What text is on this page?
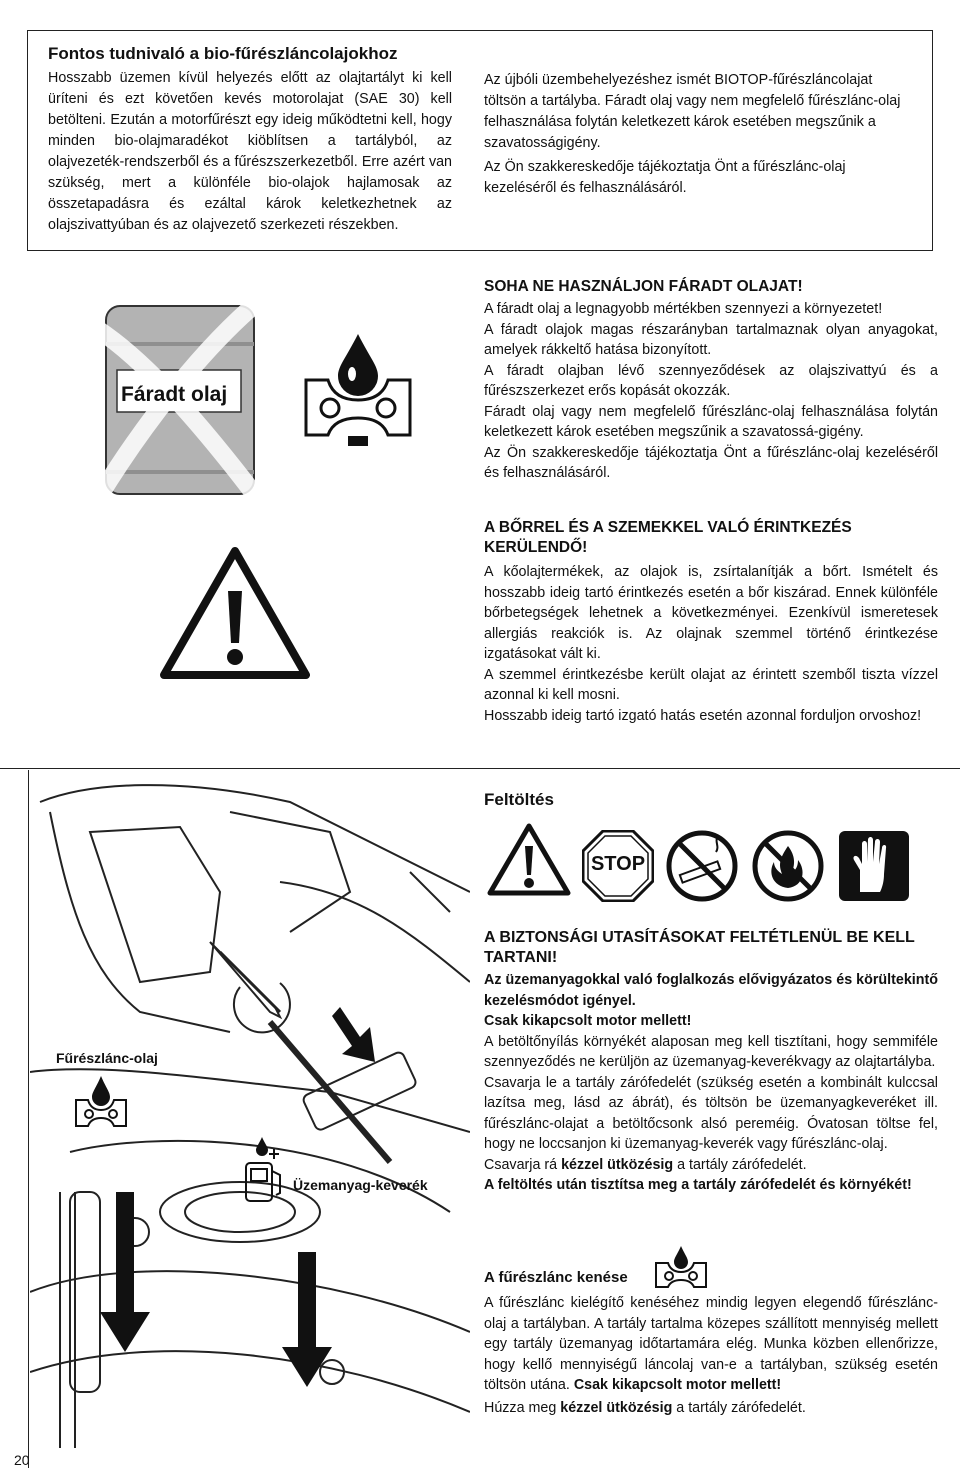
Fontos tudnivaló a bio-fűrészláncolajokhoz
Hosszabb üzemen kívül helyezés előtt az olajtartályt ki kell üríteni és ezt követően kevés motorolajat (SAE 30) kell betölteni. Ezután a motorfűrészt egy ideig működtetni kell, hogy minden bio-olajmaradékot kiöblítsen a tartályból, az olajvezeték-rendszerből és a fűrészszerkezetből. Erre azért van szükség, mert a különféle bio-olajok hajlamosak az összetapadásra és ezáltal károk keletkezhetnek az olajszivattyúban és az olajvezető szerkezeti részekben.

Az újbóli üzembehelyezéshez ismét BIOTOP-fűrészláncolajat töltsön a tartályba. Fáradt olaj vagy nem megfelelő fűrészlánc-olaj felhasználása folytán keletkezett károk esetében megszűnik a szavatosságigény.

Az Ön szakkereskedője tájékoztatja Önt a fűrészlánc-olaj kezeléséről és felhasználásáról.

Fáradt olaj
SOHA NE HASZNÁLJON FÁRADT OLAJAT!

A fáradt olaj a legnagyobb mértékben szennyezi a környezetet!

A fáradt olajok magas részarányban tartalmaznak olyan anyagokat, amelyek rákkeltő hatása bizonyított.

A fáradt olajban lévő szennyeződések az olajszivattyú és a fűrészszerkezet erős kopását okozzák.

Fáradt olaj vagy nem megfelelő fűrészlánc-olaj felhasználása folytán keletkezett károk esetében megszűnik a szavatossá-gigény.

Az Ön szakkereskedője tájékoztatja Önt a fűrészlánc-olaj kezeléséről és felhasználásáról.

A BŐRREL ÉS A SZEMEKKEL VALÓ ÉRINTKEZÉS KERÜLENDŐ!

A kőolajtermékek, az olajok is, zsírtalanítják a bőrt. Ismételt és hosszabb ideig tartó érintkezés esetén a bőr kiszárad. Ennek különféle bőrbetegségek lehetnek a következményei. Ezenkívül ismeretesek allergiás reakciók is. Az olajnak szemmel történő érintkezése izgatásokat vált ki.

A szemmel érintkezésbe került olajat az érintett szemből tiszta vízzel azonnal ki kell mosni.

Hosszabb ideig tartó izgató hatás esetén azonnal forduljon orvoshoz!

Fűrészlánc-olaj
Üzemanyag-keverék
Feltöltés
STOP
A BIZTONSÁGI UTASÍTÁSOKAT FELTÉTLENÜL BE KELL TARTANI!

Az üzemanyagokkal való foglalkozás elővigyázatos és körültekintő kezelésmódot igényel.

Csak kikapcsolt motor mellett!

A betöltőnyílás környékét alaposan meg kell tisztítani, hogy semmiféle szennyeződés ne kerüljön az üzemanyag-keverékvagy az olajtartályba.

Csavarja le a tartály zárófedelét (szükség esetén a kombinált kulccsal lazítsa meg, lásd az ábrát), és töltsön be üzemanyagkeveréket ill. fűrészlánc-olajat a betöltőcsonk alsó pereméig. Óvatosan töltse fel, hogy ne loccsanjon ki üzemanyag-keverék vagy fűrészlánc-olaj.

Csavarja rá kézzel ütközésig a tartály zárófedelét.

A feltöltés után tisztítsa meg a tartály zárófedelét és környékét!

A fűrészlánc kenése

A fűrészlánc kielégítő kenéséhez mindig legyen elegendő fűrészlánc-olaj a tartályban. A tartály tartalma közepes szállított mennyiség mellett egy tartály üzemanyag időtartamára elég. Munka közben ellenőrizze, hogy kellő mennyiségű láncolaj van-e a tartályban, szükség esetén töltsön utána. Csak kikapcsolt motor mellett!

Húzza meg kézzel ütközésig a tartály zárófedelét.

20
